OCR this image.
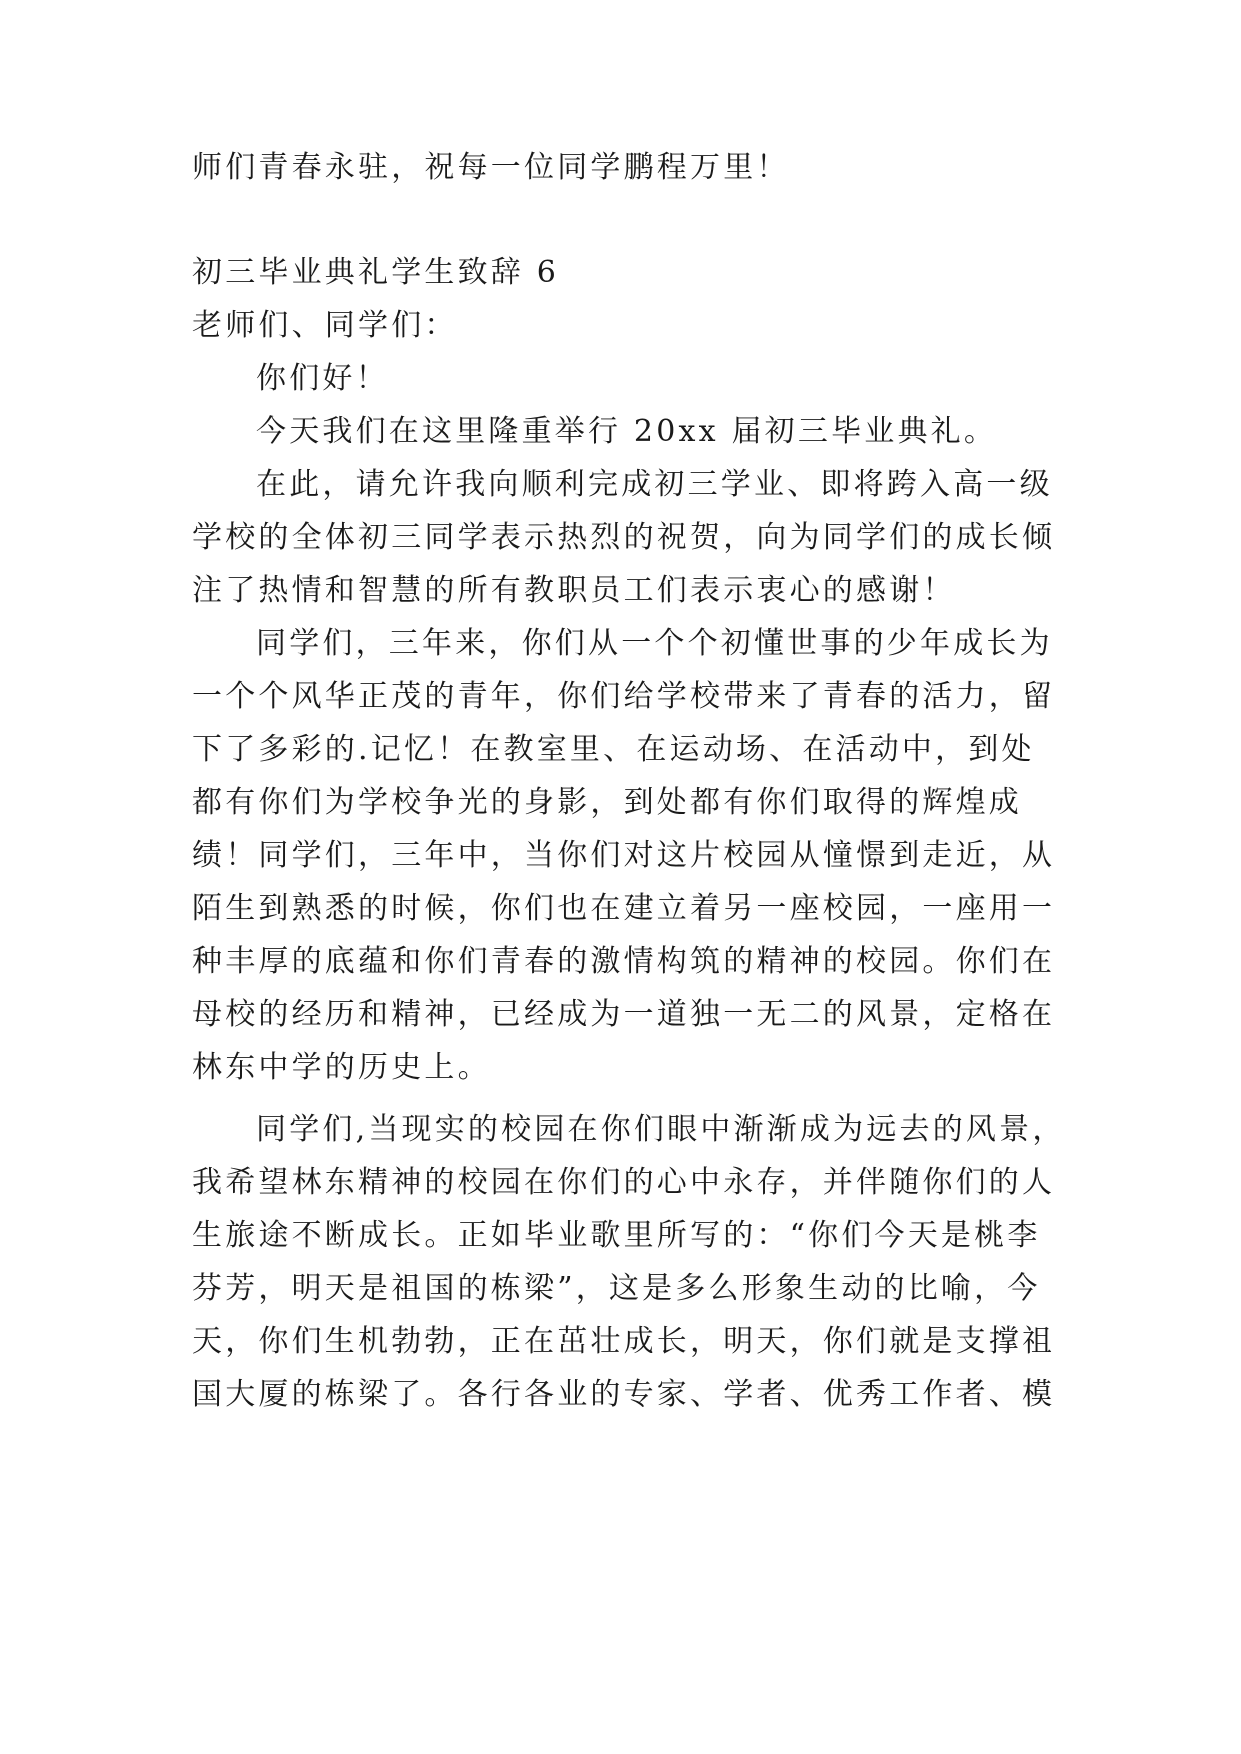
师们青春永驻，祝每一位同学鹏程万里！
初三毕业典礼学生致辞 6
老师们、同学们：
你们好！
今天我们在这里隆重举行 20xx 届初三毕业典礼。
在此，请允许我向顺利完成初三学业、即将跨入高一级
学校的全体初三同学表示热烈的祝贺，向为同学们的成长倾
注了热情和智慧的所有教职员工们表示衷心的感谢！
同学们，三年来，你们从一个个初懂世事的少年成长为
一个个风华正茂的青年，你们给学校带来了青春的活力，留
下了多彩的.记忆！在教室里、在运动场、在活动中，到处
都有你们为学校争光的身影，到处都有你们取得的辉煌成
绩！同学们，三年中，当你们对这片校园从憧憬到走近，从
陌生到熟悉的时候，你们也在建立着另一座校园，一座用一
种丰厚的底蕴和你们青春的激情构筑的精神的校园。你们在
母校的经历和精神，已经成为一道独一无二的风景，定格在
林东中学的历史上。
同学们,当现实的校园在你们眼中渐渐成为远去的风景，
我希望林东精神的校园在你们的心中永存，并伴随你们的人
生旅途不断成长。正如毕业歌里所写的：“你们今天是桃李
芬芳，明天是祖国的栋梁”，这是多么形象生动的比喻，今
天，你们生机勃勃，正在茁壮成长，明天，你们就是支撑祖
国大厦的栋梁了。各行各业的专家、学者、优秀工作者、模
